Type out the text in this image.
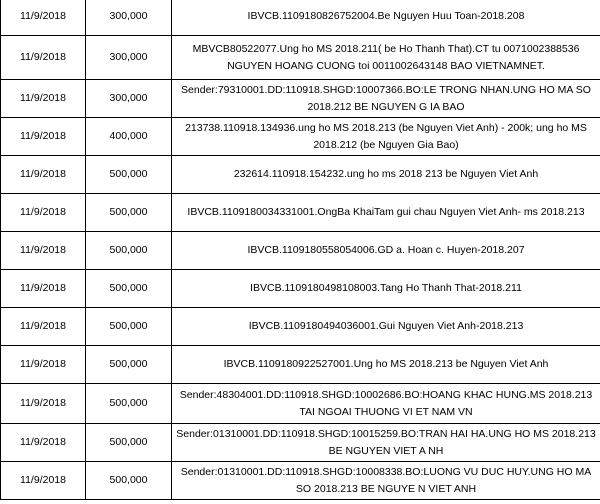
11/9/2018	300,000	IBVCB.1109180826752004.Be Nguyen Huu Toan-2018.208
11/9/2018	300,000	MBVCB80522077.Ung ho MS 2018.211( be Ho Thanh That).CT tu 0071002388536 NGUYEN HOANG CUONG toi 0011002643148 BAO VIETNAMNET.
11/9/2018	300,000	Sender:79310001.DD:110918.SHGD:10007366.BO:LE TRONG NHAN.UNG HO MA SO 2018.212 BE NGUYEN G IA BAO
11/9/2018	400,000	213738.110918.134936.ung ho MS 2018.213 (be Nguyen Viet Anh) - 200k; ung ho MS 2018.212 (be Nguyen Gia Bao)
11/9/2018	500,000	232614.110918.154232.ung ho ms 2018 213 be Nguyen Viet Anh
11/9/2018	500,000	IBVCB.1109180034331001.OngBa KhaiTam gui chau Nguyen Viet Anh- ms 2018.213
11/9/2018	500,000	IBVCB.1109180558054006.GD a. Hoan c. Huyen-2018.207
11/9/2018	500,000	IBVCB.1109180498108003.Tang Ho Thanh That-2018.211
11/9/2018	500,000	IBVCB.1109180494036001.Gui Nguyen Viet Anh-2018.213
11/9/2018	500,000	IBVCB.1109180922527001.Ung ho MS 2018.213 be Nguyen Viet Anh
11/9/2018	500,000	Sender:48304001.DD:110918.SHGD:10002686.BO:HOANG KHAC HUNG.MS 2018.213 TAI NGOAI THUONG VI ET NAM VN
11/9/2018	500,000	Sender:01310001.DD:110918.SHGD:10015259.BO:TRAN HAI HA.UNG HO MS 2018.213 BE NGUYEN VIET A NH
11/9/2018	500,000	Sender:01310001.DD:110918.SHGD:10008338.BO:LUONG VU DUC HUY.UNG HO MA SO 2018.213 BE NGUYE N VIET ANH
